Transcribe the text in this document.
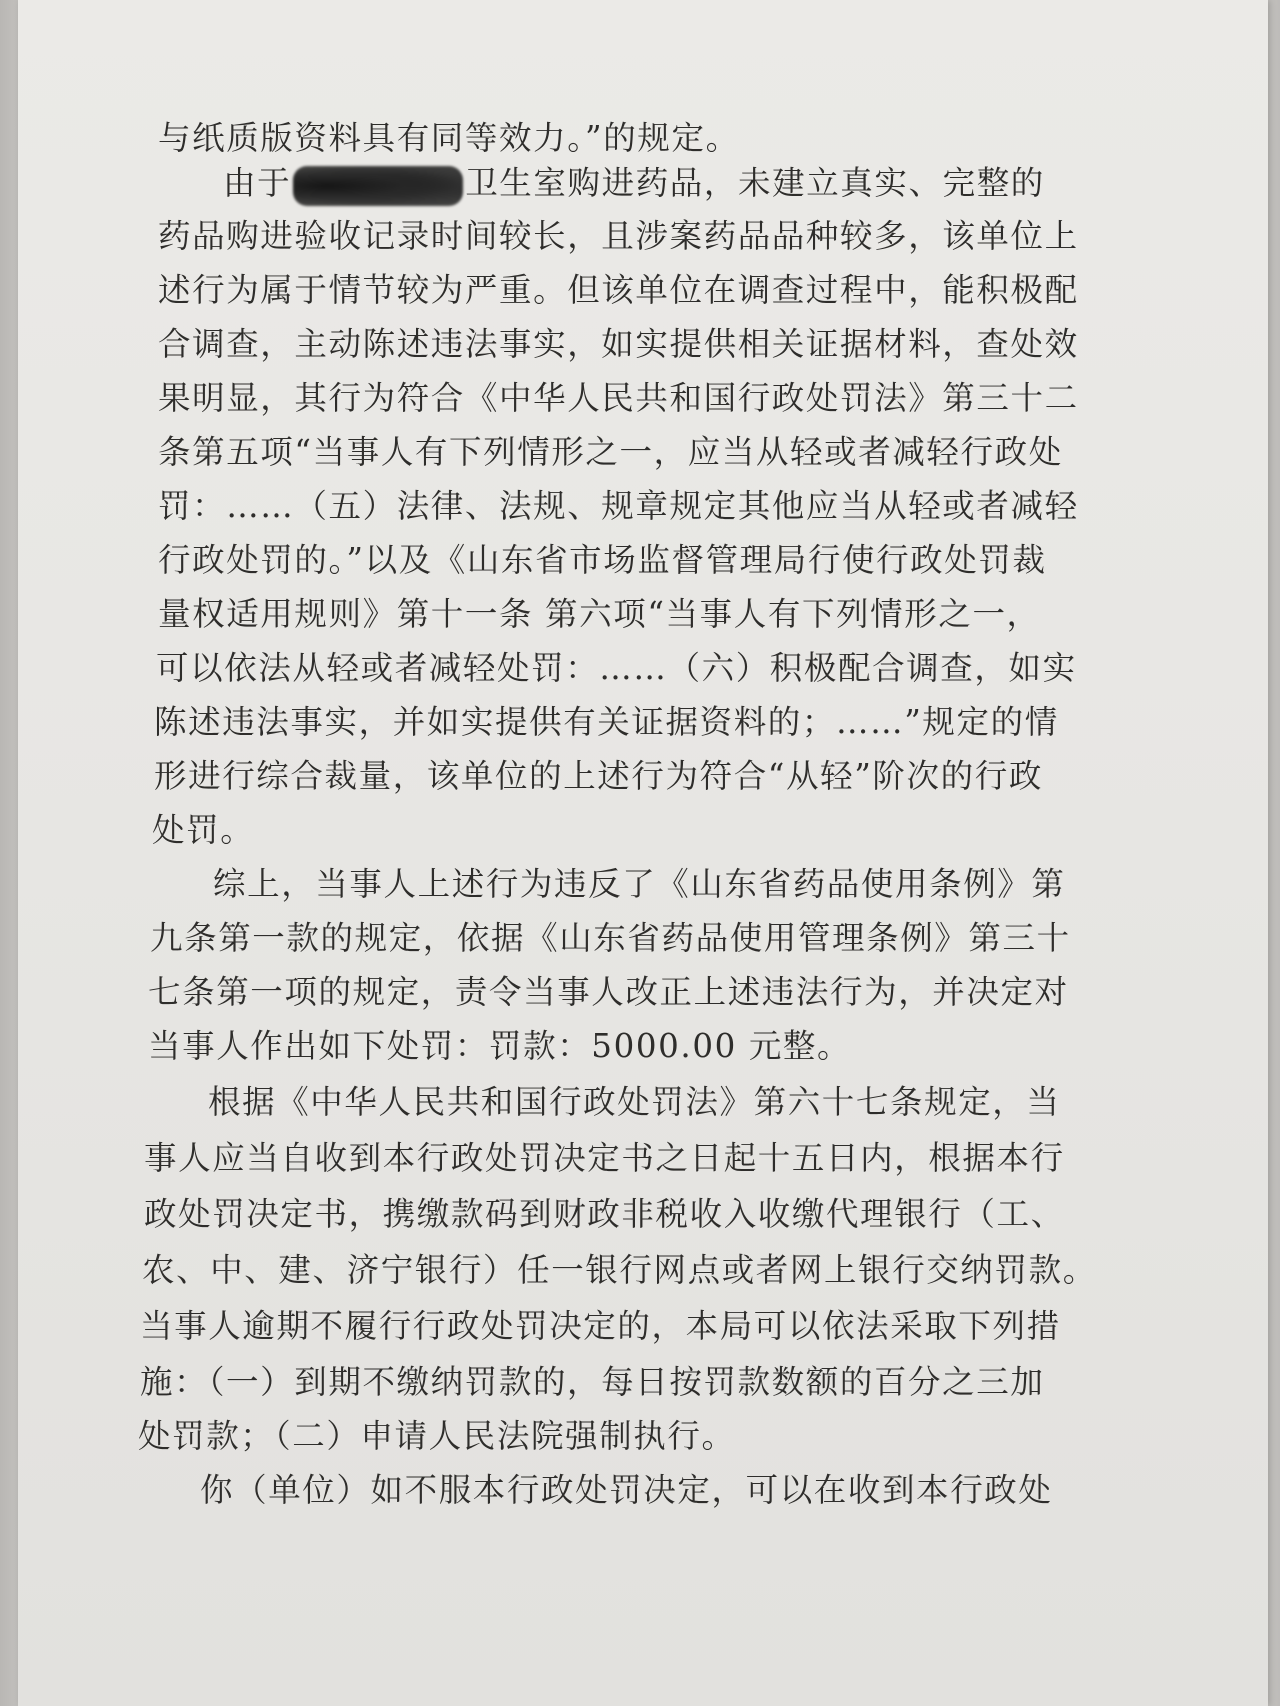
与纸质版资料具有同等效力。”的规定。
由于	卫生室购进药品，未建立真实、完整的
药品购进验收记录时间较长，且涉案药品品种较多，该单位上
述行为属于情节较为严重。但该单位在调查过程中，能积极配
合调查，主动陈述违法事实，如实提供相关证据材料，查处效
果明显，其行为符合《中华人民共和国行政处罚法》第三十二
条第五项“当事人有下列情形之一，应当从轻或者减轻行政处
罚：……（五）法律、法规、规章规定其他应当从轻或者减轻
行政处罚的。”以及《山东省市场监督管理局行使行政处罚裁
量权适用规则》第十一条 第六项“当事人有下列情形之一，
可以依法从轻或者减轻处罚：……（六）积极配合调查，如实
陈述违法事实，并如实提供有关证据资料的；……”规定的情
形进行综合裁量，该单位的上述行为符合“从轻”阶次的行政
处罚。
综上，当事人上述行为违反了《山东省药品使用条例》第
九条第一款的规定，依据《山东省药品使用管理条例》第三十
七条第一项的规定，责令当事人改正上述违法行为，并决定对
当事人作出如下处罚：罚款：5000.00 元整。
根据《中华人民共和国行政处罚法》第六十七条规定，当
事人应当自收到本行政处罚决定书之日起十五日内，根据本行
政处罚决定书，携缴款码到财政非税收入收缴代理银行（工、
农、中、建、济宁银行）任一银行网点或者网上银行交纳罚款。
当事人逾期不履行行政处罚决定的，本局可以依法采取下列措
施：（一）到期不缴纳罚款的，每日按罚款数额的百分之三加
处罚款；（二）申请人民法院强制执行。
你（单位）如不服本行政处罚决定，可以在收到本行政处
